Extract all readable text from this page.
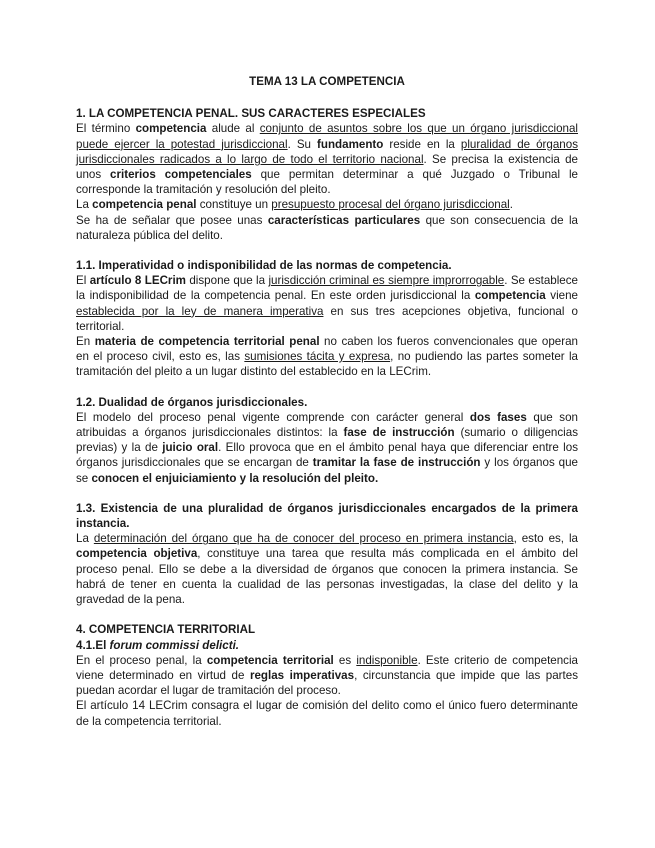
TEMA 13 LA COMPETENCIA
1. LA COMPETENCIA PENAL. SUS CARACTERES ESPECIALES

El término competencia alude al conjunto de asuntos sobre los que un órgano jurisdiccional puede ejercer la potestad jurisdiccional. Su fundamento reside en la pluralidad de órganos jurisdiccionales radicados a lo largo de todo el territorio nacional. Se precisa la existencia de unos criterios competenciales que permitan determinar a qué Juzgado o Tribunal le corresponde la tramitación y resolución del pleito.

La competencia penal constituye un presupuesto procesal del órgano jurisdiccional.

Se ha de señalar que posee unas características particulares que son consecuencia de la naturaleza pública del delito.

1.1. Imperatividad o indisponibilidad de las normas de competencia.

El artículo 8 LECrim dispone que la jurisdicción criminal es siempre improrrogable. Se establece la indisponibilidad de la competencia penal. En este orden jurisdiccional la competencia viene establecida por la ley de manera imperativa en sus tres acepciones objetiva, funcional o territorial.

En materia de competencia territorial penal no caben los fueros convencionales que operan en el proceso civil, esto es, las sumisiones tácita y expresa, no pudiendo las partes someter la tramitación del pleito a un lugar distinto del establecido en la LECrim.

1.2. Dualidad de órganos jurisdiccionales.

El modelo del proceso penal vigente comprende con carácter general dos fases que son atribuidas a órganos jurisdiccionales distintos: la fase de instrucción (sumario o diligencias previas) y la de juicio oral. Ello provoca que en el ámbito penal haya que diferenciar entre los órganos jurisdiccionales que se encargan de tramitar la fase de instrucción y los órganos que se conocen el enjuiciamiento y la resolución del pleito.

1.3. Existencia de una pluralidad de órganos jurisdiccionales encargados de la primera instancia.

La determinación del órgano que ha de conocer del proceso en primera instancia, esto es, la competencia objetiva, constituye una tarea que resulta más complicada en el ámbito del proceso penal. Ello se debe a la diversidad de órganos que conocen la primera instancia. Se habrá de tener en cuenta la cualidad de las personas investigadas, la clase del delito y la gravedad de la pena.

4. COMPETENCIA TERRITORIAL
4.1.El forum commissi delicti.

En el proceso penal, la competencia territorial es indisponible. Este criterio de competencia viene determinado en virtud de reglas imperativas, circunstancia que impide que las partes puedan acordar el lugar de tramitación del proceso.

El artículo 14 LECrim consagra el lugar de comisión del delito como el único fuero determinante de la competencia territorial.
